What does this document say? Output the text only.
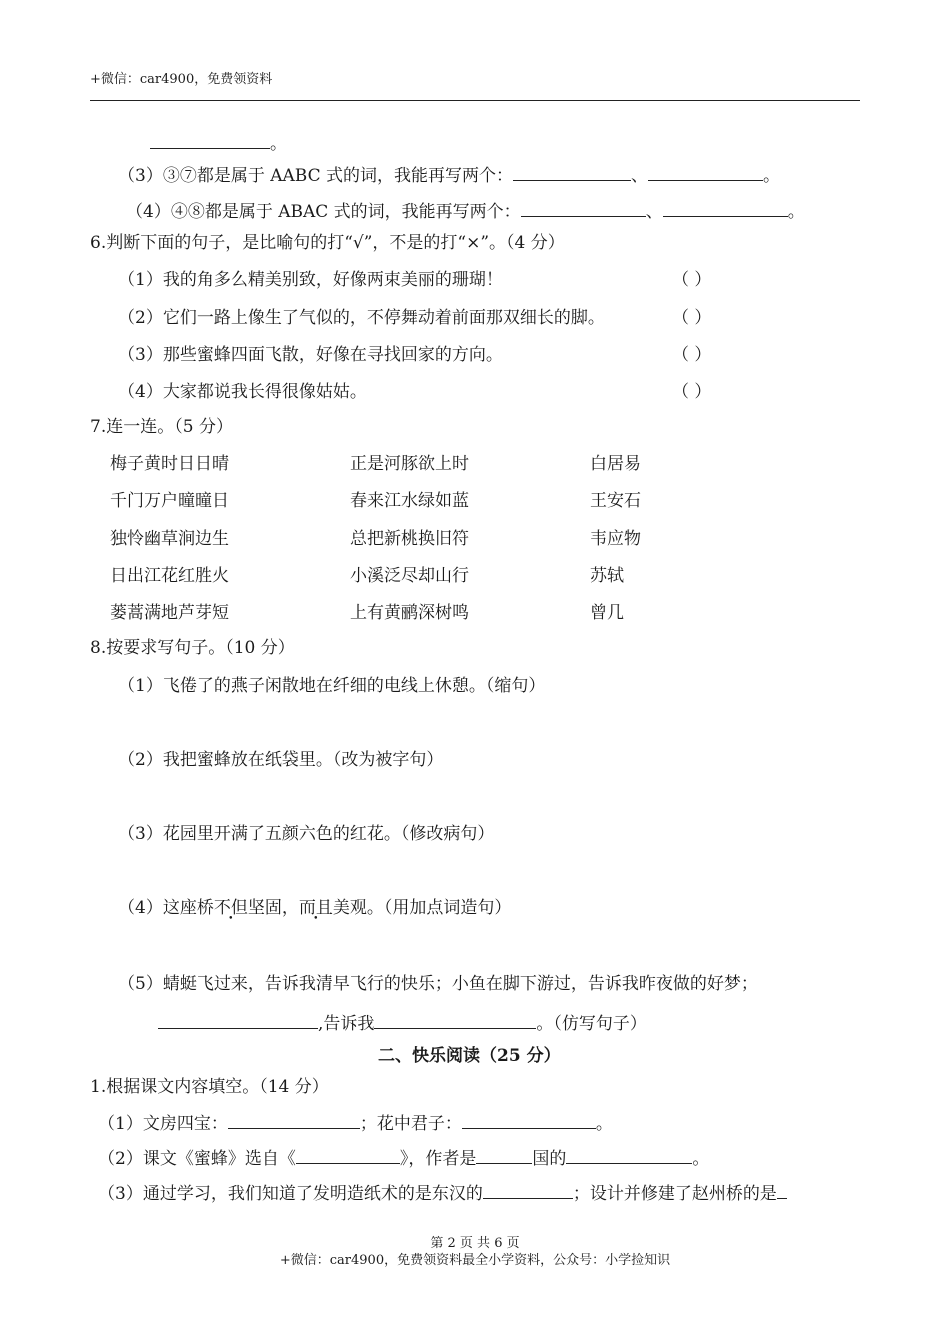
+微信：car4900，免费领资料
。
（3）③⑦都是属于 AABC 式的词，我能再写两个：	、	。
（4）④⑧都是属于 ABAC 式的词，我能再写两个：	、	。
6.判断下面的句子，是比喻句的打“√”，不是的打“×”。（4 分）
（1）我的角多么精美别致，好像两束美丽的珊瑚！	（ ）
（2）它们一路上像生了气似的，不停舞动着前面那双细长的脚。	（ ）
（3）那些蜜蜂四面飞散，好像在寻找回家的方向。	（ ）
（4）大家都说我长得很像姑姑。	（ ）
7.连一连。（5 分）
梅子黄时日日晴	正是河豚欲上时	白居易
千门万户曈曈日	春来江水绿如蓝	王安石
独怜幽草涧边生	总把新桃换旧符	韦应物
日出江花红胜火	小溪泛尽却山行	苏轼
蒌蒿满地芦芽短	上有黄鹂深树鸣	曾几
8.按要求写句子。（10 分）
（1）飞倦了的燕子闲散地在纤细的电线上休憩。（缩句）
（2）我把蜜蜂放在纸袋里。（改为被字句）
（3）花园里开满了五颜六色的红花。（修改病句）
（4）这座桥不但坚固，而且美观。（用加点词造句）
（5）蜻蜓飞过来，告诉我清早飞行的快乐；小鱼在脚下游过，告诉我昨夜做的好梦；
,告诉我	。（仿写句子）
二、快乐阅读（25 分）
1.根据课文内容填空。（14 分）
（1）文房四宝：	；花中君子：	。
（2）课文《蜜蜂》选自《	》，作者是	国的	。
（3）通过学习，我们知道了发明造纸术的是东汉的	；设计并修建了赵州桥的是
第 2 页 共 6 页
+微信：car4900，免费领资料最全小学资料，公众号：小学捡知识
